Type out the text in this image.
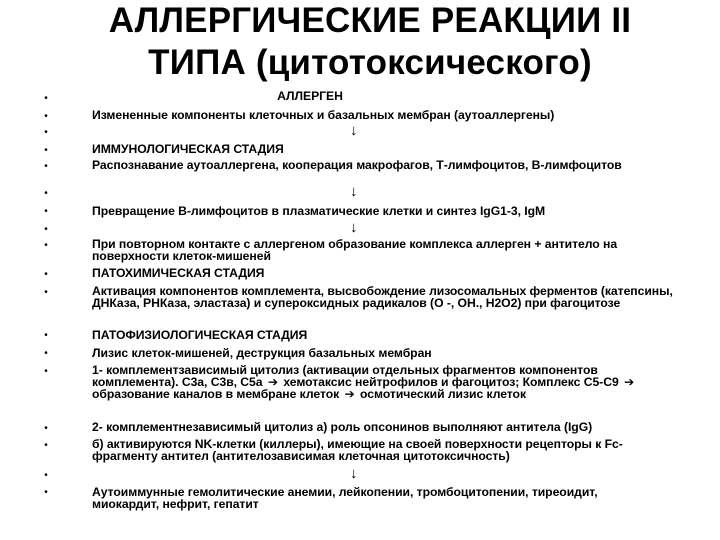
АЛЛЕРГИЧЕСКИЕ РЕАКЦИИ II
ТИПА (цитотоксического)
•
•
•
•
•
•
•
•
•
•
•
•
•
•
•
•
•
•
АЛЛЕРГЕН
Измененные компоненты клеточных и базальных мембран (аутоаллергены)
↓
ИММУНОЛОГИЧЕСКАЯ СТАДИЯ
Распознавание аутоаллергена, кооперация макрофагов, Т-лимфоцитов, В-лимфоцитов
↓
Превращение В-лимфоцитов в плазматические клетки и синтез IgG1-3, IgM
↓
При повторном контакте с аллергеном образование комплекса аллерген + антитело на поверхности клеток-мишеней
ПАТОХИМИЧЕСКАЯ СТАДИЯ
Активация компонентов комплемента, высвобождение лизосомальных ферментов (катепсины, ДНКаза, РНКаза, эластаза) и супероксидных радикалов (О -, ОН., Н2О2) при фагоцитозе
ПАТОФИЗИОЛОГИЧЕСКАЯ СТАДИЯ
Лизис клеток-мишеней, деструкция базальных мембран
1- комплементзависимый цитолиз (активации отдельных фрагментов компонентов комплемента). С3а, С3в, С5а ➔ хемотаксис нейтрофилов и фагоцитоз; Комплекс С5-С9 ➔ образование каналов в мембране клеток ➔ осмотический лизис клеток
2- комплементнезависимый цитолиз а) роль опсонинов выполняют антитела (IgG)
б) активируются NK-клетки (киллеры), имеющие на своей поверхности рецепторы к Fc-фрагменту антител (антителозависимая клеточная цитотоксичность)
↓
Аутоиммунные гемолитические анемии, лейкопении, тромбоцитопении, тиреоидит, миокардит, нефрит, гепатит
